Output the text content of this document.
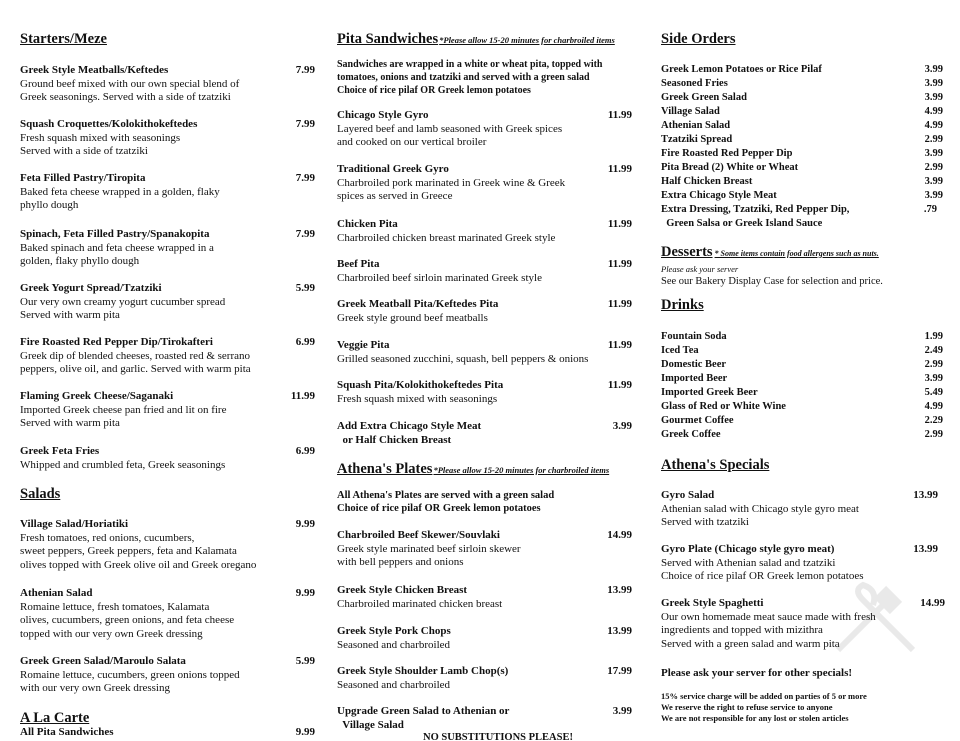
Starters/Meze
Greek Style Meatballs/Keftedes	7.99
Ground beef mixed with our own special blend of
Greek seasonings. Served with a side of tzatziki
Squash Croquettes/Kolokithokeftedes	7.99
Fresh squash mixed with seasonings
Served with a side of tzatziki
Feta Filled Pastry/Tiropita	7.99
Baked feta cheese wrapped in a golden, flaky
phyllo dough
Spinach, Feta Filled Pastry/Spanakopita	7.99
Baked spinach and feta cheese wrapped in a
golden, flaky phyllo dough
Greek Yogurt Spread/Tzatziki	5.99
Our very own creamy yogurt cucumber spread
Served with warm pita
Fire Roasted Red Pepper Dip/Tirokafteri	6.99
Greek dip of blended cheeses, roasted red & serrano
peppers, olive oil, and garlic. Served with warm pita
Flaming Greek Cheese/Saganaki	11.99
Imported Greek cheese pan fried and lit on fire
Served with warm pita
Greek Feta Fries	6.99
Whipped and crumbled feta, Greek seasonings
Salads
Village Salad/Horiatiki	9.99
Fresh tomatoes, red onions, cucumbers,
sweet peppers, Greek peppers, feta and Kalamata
olives topped with Greek olive oil and Greek oregano
Athenian Salad	9.99
Romaine lettuce, fresh tomatoes, Kalamata
olives, cucumbers, green onions, and feta cheese
topped with our very own Greek dressing
Greek Green Salad/Maroulo Salata	5.99
Romaine lettuce, cucumbers, green onions topped
with our very own Greek dressing
A La Carte
All Pita Sandwiches	9.99
Pita Sandwiches*Please allow 15-20 minutes for charbroiled items
Sandwiches are wrapped in a white or wheat pita, topped with
tomatoes, onions and tzatziki and served with a green salad
Choice of rice pilaf OR Greek lemon potatoes
Chicago Style Gyro	11.99
Layered beef and lamb seasoned with Greek spices
and cooked on our vertical broiler
Traditional Greek Gyro	11.99
Charbroiled pork marinated in Greek wine & Greek
spices as served in Greece
Chicken Pita	11.99
Charbroiled chicken breast marinated Greek style
Beef Pita	11.99
Charbroiled beef sirloin marinated Greek style
Greek Meatball Pita/Keftedes Pita	11.99
Greek style ground beef meatballs
Veggie Pita	11.99
Grilled seasoned zucchini, squash, bell peppers & onions
Squash Pita/Kolokithokeftedes Pita	11.99
Fresh squash mixed with seasonings
Add Extra Chicago Style Meat	3.99
or Half Chicken Breast
Athena's Plates*Please allow 15-20 minutes for charbroiled items
All Athena's Plates are served with a green salad
Choice of rice pilaf OR Greek lemon potatoes
Charbroiled Beef Skewer/Souvlaki	14.99
Greek style marinated beef sirloin skewer
with bell peppers and onions
Greek Style Chicken Breast	13.99
Charbroiled marinated chicken breast
Greek Style Pork Chops	13.99
Seasoned and charbroiled
Greek Style Shoulder Lamb Chop(s)	17.99
Seasoned and charbroiled
Upgrade Green Salad to Athenian or	3.99
Village Salad
NO SUBSTITUTIONS PLEASE!
Side Orders
Greek Lemon Potatoes or Rice Pilaf	3.99
Seasoned Fries	3.99
Greek Green Salad	3.99
Village Salad	4.99
Athenian Salad	4.99
Tzatziki Spread	2.99
Fire Roasted Red Pepper Dip	3.99
Pita Bread (2) White or Wheat	2.99
Half Chicken Breast	3.99
Extra Chicago Style Meat	3.99
Extra Dressing, Tzatziki, Red Pepper Dip,	.79
Green Salsa or Greek Island Sauce
Desserts * Some items contain food allergens such as nuts.
Please ask your server
See our Bakery Display Case for selection and price.
Drinks
Fountain Soda	1.99
Iced Tea	2.49
Domestic Beer	2.99
Imported Beer	3.99
Imported Greek Beer	5.49
Glass of Red or White Wine	4.99
Gourmet Coffee	2.29
Greek Coffee	2.99
Athena's Specials
Gyro Salad	13.99
Athenian salad with Chicago style gyro meat
Served with tzatziki
Gyro Plate (Chicago style gyro meat)	13.99
Served with Athenian salad and tzatziki
Choice of rice pilaf OR Greek lemon potatoes
Greek Style Spaghetti	14.99
Our own homemade meat sauce made with fresh
ingredients and topped with mizithra
Served with a green salad and warm pita
Please ask your server for other specials!
15% service charge will be added on parties of 5 or more
We reserve the right to refuse service to anyone
We are not responsible for any lost or stolen articles
